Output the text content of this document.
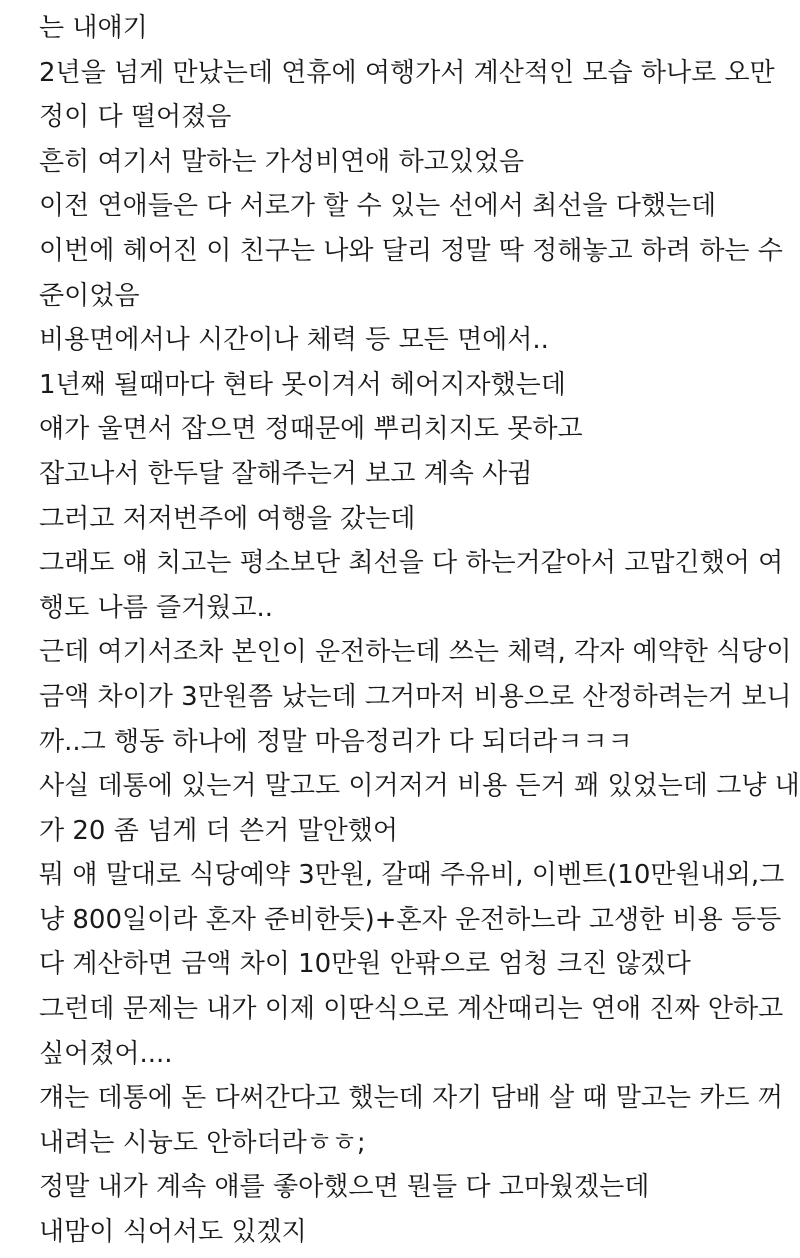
는 내얘기
2년을 넘게 만났는데 연휴에 여행가서 계산적인 모습 하나로 오만
정이 다 떨어졌음
흔히 여기서 말하는 가성비연애 하고있었음
이전 연애들은 다 서로가 할 수 있는 선에서 최선을 다했는데
이번에 헤어진 이 친구는 나와 달리 정말 딱 정해놓고 하려 하는 수
준이었음
비용면에서나 시간이나 체력 등 모든 면에서..
1년째 될때마다 현타 못이겨서 헤어지자했는데
얘가 울면서 잡으면 정때문에 뿌리치지도 못하고
잡고나서 한두달 잘해주는거 보고 계속 사귐
그러고 저저번주에 여행을 갔는데
그래도 얘 치고는 평소보단 최선을 다 하는거같아서 고맙긴했어 여
행도 나름 즐거웠고..
근데 여기서조차 본인이 운전하는데 쓰는 체력, 각자 예약한 식당이
금액 차이가 3만원쯤 났는데 그거마저 비용으로 산정하려는거 보니
까..그 행동 하나에 정말 마음정리가 다 되더라ㅋㅋㅋ
사실 데통에 있는거 말고도 이거저거 비용 든거 꽤 있었는데 그냥 내
가 20 좀 넘게 더 쓴거 말안했어
뭐 얘 말대로 식당예약 3만원, 갈때 주유비, 이벤트(10만원내외,그
냥 800일이라 혼자 준비한듯)+혼자 운전하느라 고생한 비용 등등
다 계산하면 금액 차이 10만원 안팎으로 엄청 크진 않겠다
그런데 문제는 내가 이제 이딴식으로 계산때리는 연애 진짜 안하고
싶어졌어....
걔는 데통에 돈 다써간다고 했는데 자기 담배 살 때 말고는 카드 꺼
내려는 시늉도 안하더라ㅎㅎ;
정말 내가 계속 얘를 좋아했으면 뭔들 다 고마웠겠는데
내맘이 식어서도 있겠지
